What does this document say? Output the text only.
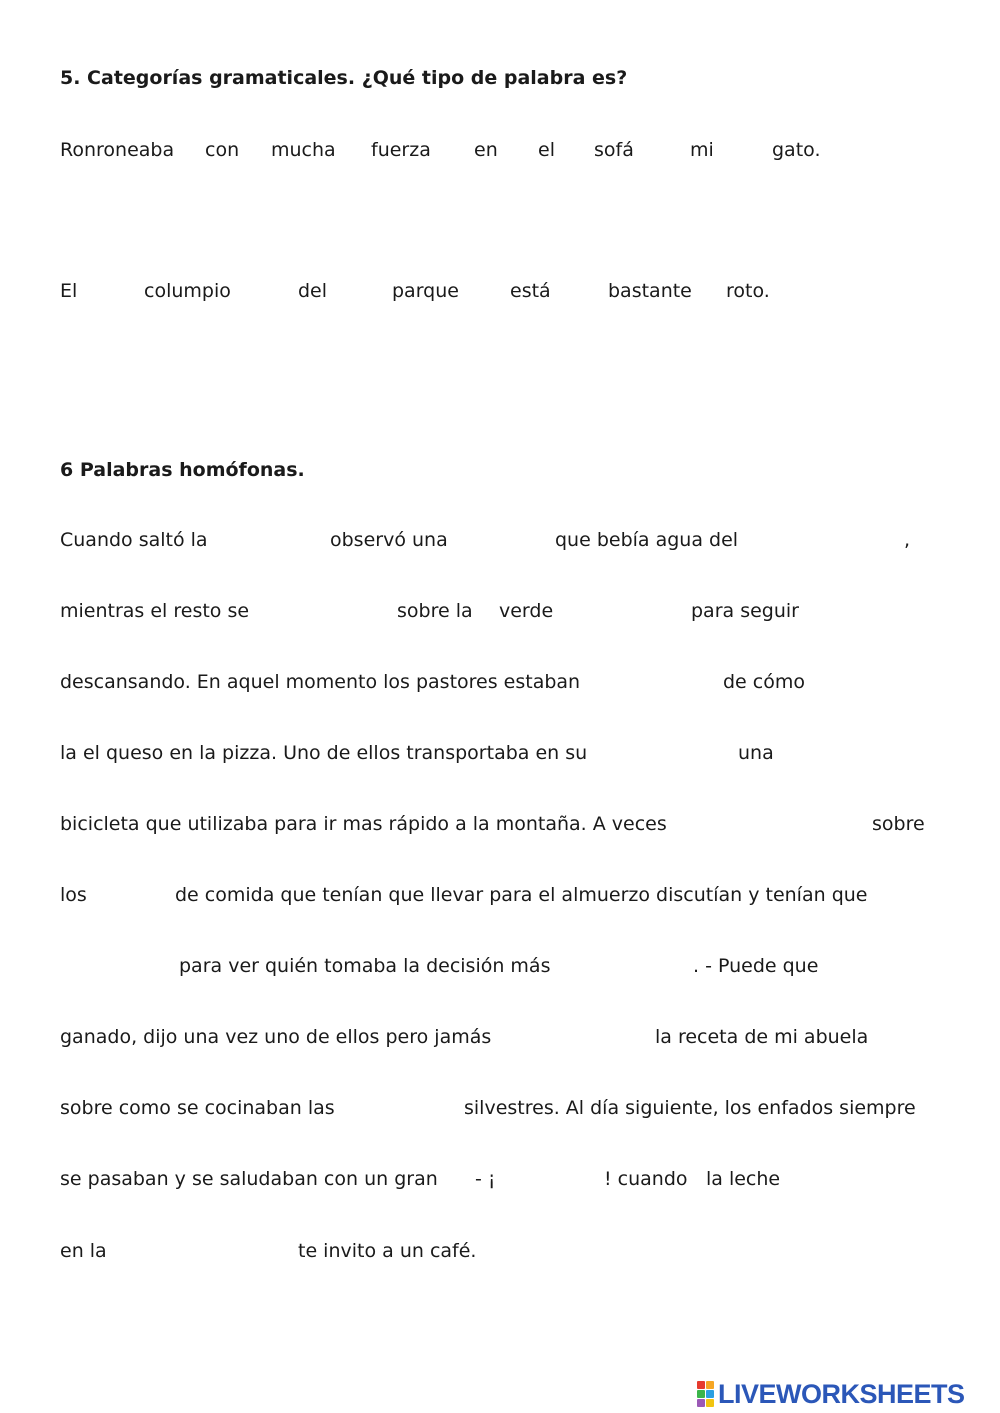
5. Categorías gramaticales. ¿Qué tipo de palabra es?
Ronroneaba con mucha fuerza en el sofá	mi	gato.
El	columpio	del	parque	está	bastante roto.
6 Palabras homófonas.
Cuando saltó la	observó una	que bebía agua del	,
mientras el resto se	sobre la verde	para seguir
descansando. En aquel momento los pastores estaban	de cómo
la el queso en la pizza. Uno de ellos transportaba en su	una
bicicleta que utilizaba para ir mas rápido a la montaña. A veces	sobre
los	de comida que tenían que llevar para el almuerzo discutían y tenían que
para ver quién tomaba la decisión más	. - Puede que
ganado, dijo una vez uno de ellos pero jamás	la receta de mi abuela
sobre como se cocinaban las	silvestres. Al día siguiente, los enfados siempre
se pasaban y se saludaban con un gran - ¡	! cuando la leche
en la	te invito a un café.
LIVEWORKSHEETS
